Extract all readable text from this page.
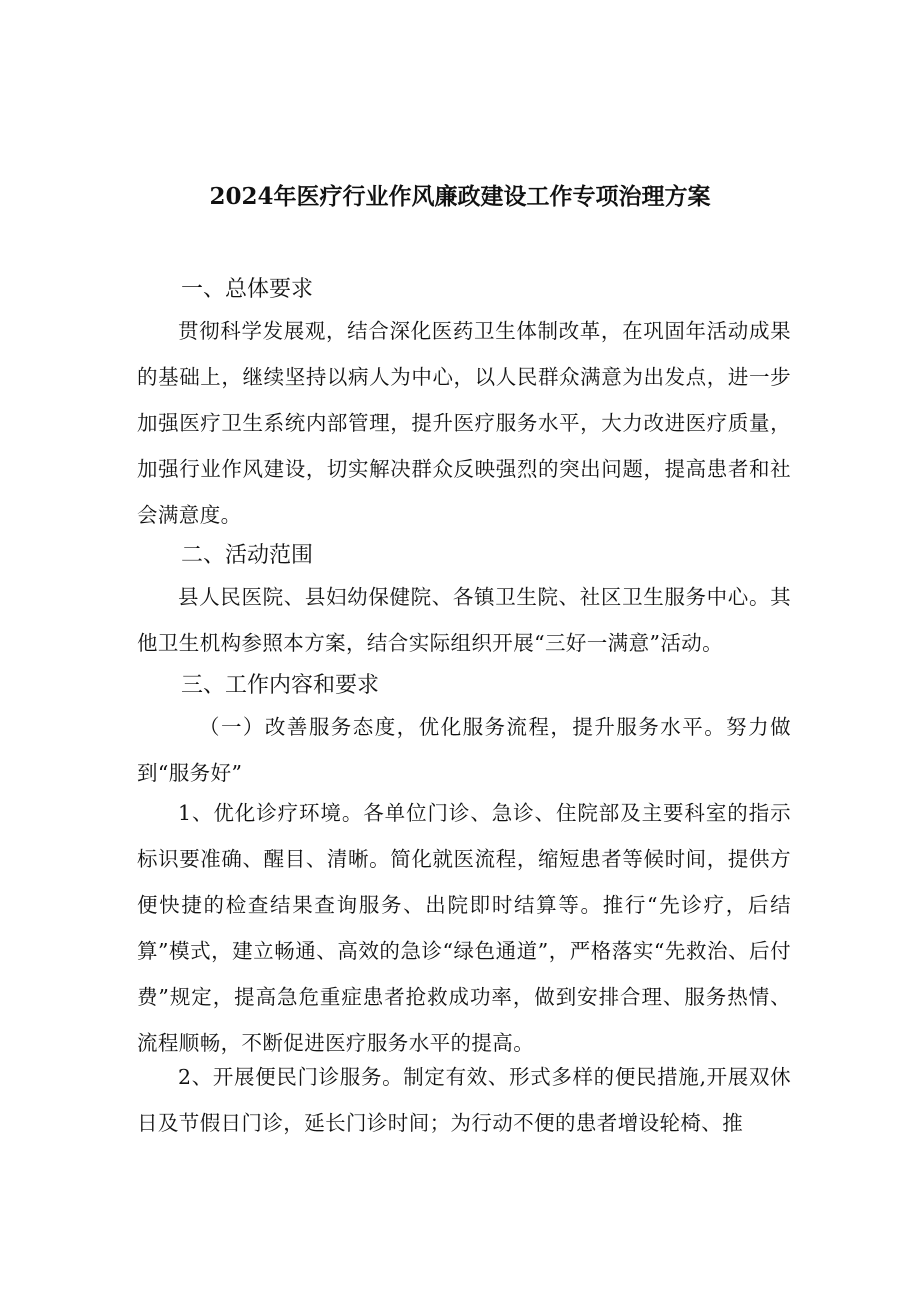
2024年医疗行业作风廉政建设工作专项治理方案
一、总体要求
贯彻科学发展观，结合深化医药卫生体制改革，在巩固年活动成果的基础上，继续坚持以病人为中心，以人民群众满意为出发点，进一步加强医疗卫生系统内部管理，提升医疗服务水平，大力改进医疗质量，加强行业作风建设，切实解决群众反映强烈的突出问题，提高患者和社会满意度。
二、活动范围
县人民医院、县妇幼保健院、各镇卫生院、社区卫生服务中心。其他卫生机构参照本方案，结合实际组织开展“三好一满意”活动。
三、工作内容和要求
（一）改善服务态度，优化服务流程，提升服务水平。努力做到“服务好”
1、优化诊疗环境。各单位门诊、急诊、住院部及主要科室的指示标识要准确、醒目、清晰。简化就医流程，缩短患者等候时间，提供方便快捷的检查结果查询服务、出院即时结算等。推行“先诊疗，后结算”模式，建立畅通、高效的急诊“绿色通道”，严格落实“先救治、后付费”规定，提高急危重症患者抢救成功率，做到安排合理、服务热情、流程顺畅，不断促进医疗服务水平的提高。
2、开展便民门诊服务。制定有效、形式多样的便民措施,开展双休日及节假日门诊，延长门诊时间；为行动不便的患者增设轮椅、推
